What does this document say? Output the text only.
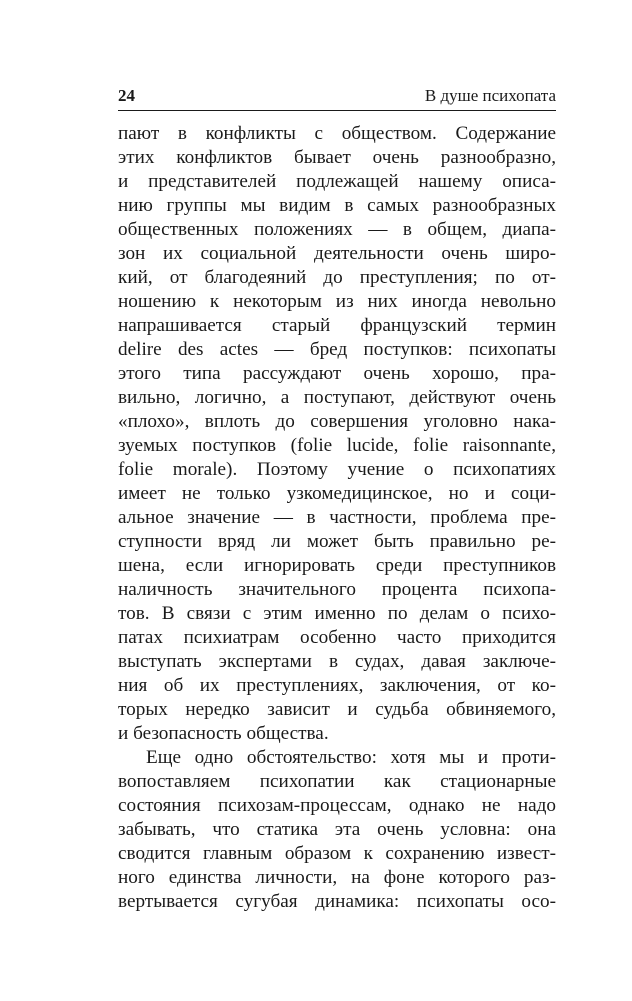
24	В душе психопата
пают в конфликты с обществом. Содержание
этих конфликтов бывает очень разнообразно,
и представителей подлежащей нашему описа-
нию группы мы видим в самых разнообразных
общественных положениях — в общем, диапа-
зон их социальной деятельности очень широ-
кий, от благодеяний до преступления; по от-
ношению к некоторым из них иногда невольно
напрашивается старый французский термин
delire des actes — бред поступков: психопаты
этого типа рассуждают очень хорошо, пра-
вильно, логично, а поступают, действуют очень
«плохо», вплоть до совершения уголовно нака-
зуемых поступков (folie lucide, folie raisonnante,
folie morale). Поэтому учение о психопатиях
имеет не только узкомедицинское, но и соци-
альное значение — в частности, проблема пре-
ступности вряд ли может быть правильно ре-
шена, если игнорировать среди преступников
наличность значительного процента психопа-
тов. В связи с этим именно по делам о психо-
патах психиатрам особенно часто приходится
выступать экспертами в судах, давая заключе-
ния об их преступлениях, заключения, от ко-
торых нередко зависит и судьба обвиняемого,
и безопасность общества.
Еще одно обстоятельство: хотя мы и проти-
вопоставляем психопатии как стационарные
состояния психозам-процессам, однако не надо
забывать, что статика эта очень условна: она
сводится главным образом к сохранению извест-
ного единства личности, на фоне которого раз-
вертывается сугубая динамика: психопаты осо-
